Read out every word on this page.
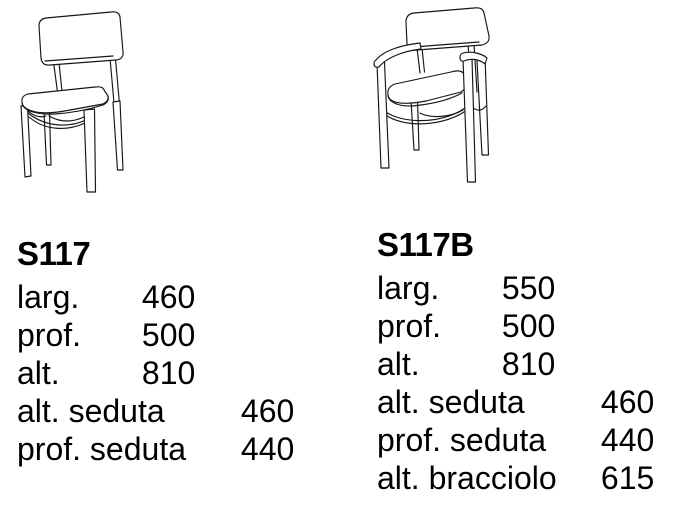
S117
larg. 460
prof. 500
alt.	810
alt. seduta 460
prof. seduta 440
S117B
larg. 550
prof. 500
alt.	810
alt. seduta 460
prof. seduta 440
alt. bracciolo 615
